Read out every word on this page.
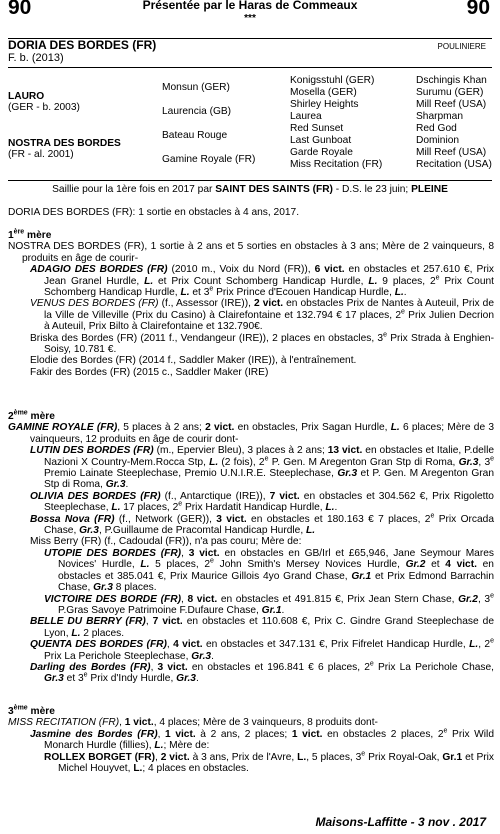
90	90
Présentée par le Haras de Commeaux
***
DORIA DES BORDES (FR)
F. b. (2013)
POULINIERE
LAURO
(GER - b. 2003)
NOSTRA DES BORDES
(FR - al. 2001)
Monsun (GER)
Laurencia (GB)
Bateau Rouge
Gamine Royale (FR)
Konigsstuhl (GER)
Mosella (GER)
Shirley Heights
Laurea
Red Sunset
Last Gunboat
Garde Royale
Miss Recitation (FR)
Dschingis Khan
Surumu (GER)
Mill Reef (USA)
Sharpman
Red God
Dominion
Mill Reef (USA)
Recitation (USA)
Saillie pour la 1ère fois en 2017 par SAINT DES SAINTS (FR) - D.S. le 23 juin; PLEINE
DORIA DES BORDES (FR): 1 sortie en obstacles à 4 ans, 2017.

1ère mère

NOSTRA DES BORDES (FR), 1 sortie à 2 ans et 5 sorties en obstacles à 3 ans; Mère de 2 vainqueurs, 8 produits en âge de courir-

ADAGIO DES BORDES (FR) (2010 m., Voix du Nord (FR)), 6 vict. en obstacles et 257.610 €, Prix Jean Granel Hurdle, L. et Prix Count Schomberg Handicap Hurdle, L. 9 places, 2e Prix Count Schomberg Handicap Hurdle, L. et 3e Prix Prince d'Ecouen Handicap Hurdle, L..

VENUS DES BORDES (FR) (f., Assessor (IRE)), 2 vict. en obstacles Prix de Nantes à Auteuil, Prix de la Ville de Villeville (Prix du Casino) à Clairefontaine et 132.794 € 17 places, 2e Prix Julien Decrion à Auteuil, Prix Bilto à Clairefontaine et 132.790€.

Briska des Bordes (FR) (2011 f., Vendangeur (IRE)), 2 places en obstacles, 3e Prix Strada à Enghien-Soisy, 10.781 €.

Elodie des Bordes (FR) (2014 f., Saddler Maker (IRE)), à l'entraînement.

Fakir des Bordes (FR) (2015 c., Saddler Maker (IRE)

2ème mère

GAMINE ROYALE (FR), 5 places à 2 ans; 2 vict. en obstacles, Prix Sagan Hurdle, L. 6 places; Mère de 3 vainqueurs, 12 produits en âge de courir dont-

LUTIN DES BORDES (FR) (m., Epervier Bleu), 3 places à 2 ans; 13 vict. en obstacles et Italie, P.delle Nazioni X Country-Mem.Rocca Stp, L. (2 fois), 2e P. Gen. M Aregenton Gran Stp di Roma, Gr.3, 3e Premio Lainate Steeplechase, Premio U.N.I.R.E. Steeplechase, Gr.3 et P. Gen. M Aregenton Gran Stp di Roma, Gr.3.

OLIVIA DES BORDES (FR) (f., Antarctique (IRE)), 7 vict. en obstacles et 304.562 €, Prix Rigoletto Steeplechase, L. 17 places, 2e Prix Hardatit Handicap Hurdle, L..

Bossa Nova (FR) (f., Network (GER)), 3 vict. en obstacles et 180.163 € 7 places, 2e Prix Orcada Chase, Gr.3, P.Guillaume de Pracomtal Handicap Hurdle, L.

Miss Berry (FR) (f., Cadoudal (FR)), n'a pas couru; Mère de:

UTOPIE DES BORDES (FR), 3 vict. en obstacles en GB/Irl et £65,946, Jane Seymour Mares Novices' Hurdle, L. 5 places, 2e John Smith's Mersey Novices Hurdle, Gr.2 et 4 vict. en obstacles et 385.041 €, Prix Maurice Gillois 4yo Grand Chase, Gr.1 et Prix Edmond Barrachin Chase, Gr.3 8 places.

VICTOIRE DES BORDE (FR), 8 vict. en obstacles et 491.815 €, Prix Jean Stern Chase, Gr.2, 3e P.Gras Savoye Patrimoine F.Dufaure Chase, Gr.1.

BELLE DU BERRY (FR), 7 vict. en obstacles et 110.608 €, Prix C. Gindre Grand Steeplechase de Lyon, L. 2 places.

QUENTA DES BORDES (FR), 4 vict. en obstacles et 347.131 €, Prix Fifrelet Handicap Hurdle, L., 2e Prix La Perichole Steeplechase, Gr.3.

Darling des Bordes (FR), 3 vict. en obstacles et 196.841 € 6 places, 2e Prix La Perichole Chase, Gr.3 et 3e Prix d'Indy Hurdle, Gr.3.

3ème mère

MISS RECITATION (FR), 1 vict., 4 places; Mère de 3 vainqueurs, 8 produits dont-

Jasmine des Bordes (FR), 1 vict. à 2 ans, 2 places; 1 vict. en obstacles 2 places, 2e Prix Wild Monarch Hurdle (fillies), L.; Mère de:

ROLLEX BORGET (FR), 2 vict. à 3 ans, Prix de l'Avre, L., 5 places, 3e Prix Royal-Oak, Gr.1 et Prix Michel Houyvet, L.; 4 places en obstacles.

Maisons-Laffitte - 3 nov . 2017
